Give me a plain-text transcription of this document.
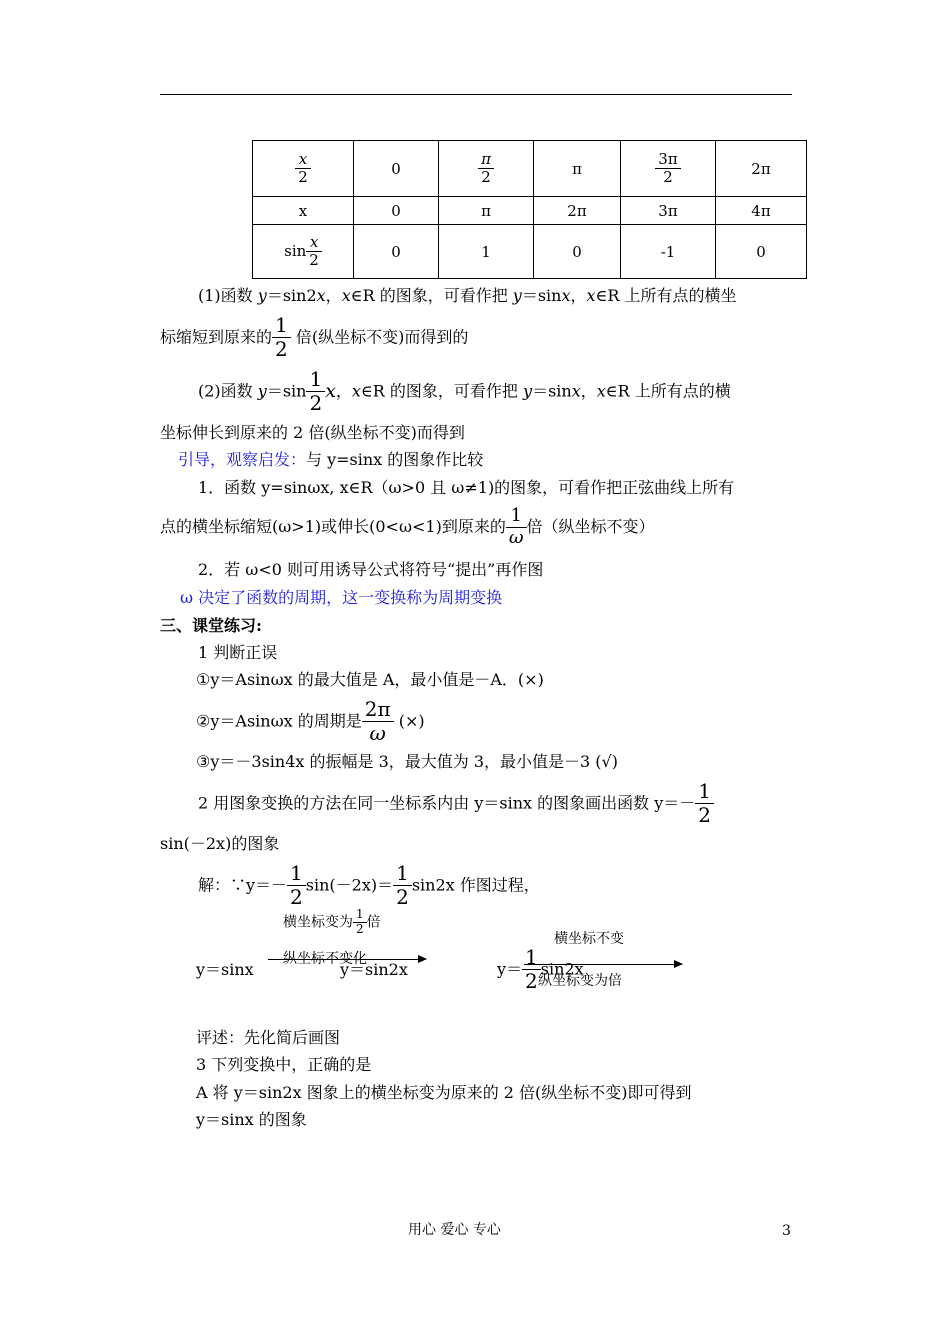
$\frac{x}{2}$	0	$\frac{\pi}{2}$	π	$\frac{3\pi}{2}$	2π
x	0	π	2π	3π	4π
$\sin \frac{x}{2}$	0	1	0	-1	0
(1)函数 y＝sin2x，x∈R 的图象，可看作把 y＝sinx，x∈R 上所有点的横坐
标缩短到原来的 $\frac{1}{2}$ 倍(纵坐标不变)而得到的
(2)函数 $y=\sin \frac{1}{2}$ x，x∈R 的图象，可看作把 y＝sinx，x∈R 上所有点的横
坐标伸长到原来的 2 倍(纵坐标不变)而得到
引导，观察启发：与 y=sinx 的图象作比较
1．函数 y=sinωx, x∈R（ω>0 且 ω≠1)的图象，可看作把正弦曲线上所有
点的横坐标缩短(ω>1)或伸长(0<ω<1)到原来的 $\frac{1}{\omega}$ 倍（纵坐标不变）
2．若 ω<0 则可用诱导公式将符号“提出”再作图
ω 决定了函数的周期，这一变换称为周期变换
三、课堂练习:
1 判断正误
①y＝Asinωx 的最大值是 A，最小值是－A．(×)
②y＝Asinωx 的周期是 $\frac{2\pi}{\omega}$ (×)
③y＝－3sin4x 的振幅是 3，最大值为 3，最小值是－3 (√)
2 用图象变换的方法在同一坐标系内由 y＝sinx 的图象画出函数 $y=- \frac{1}{2}$
sin(－2x)的图象
解：∵y＝－ $\frac{1}{2} \sin(-2x)= \frac{1}{2} \sin 2x$ 作图过程，
横坐标变为 $\frac{1}{2}$ 倍
纵坐标不变化
y＝sinx	y＝sin2x
横坐标不变
$y= \frac{1}{2} \sin 2x$
纵坐标变为倍
评述：先化简后画图
3 下列变换中，正确的是
A 将 y＝sin2x 图象上的横坐标变为原来的 2 倍(纵坐标不变)即可得到
y＝sinx 的图象
用心 爱心 专心	3
